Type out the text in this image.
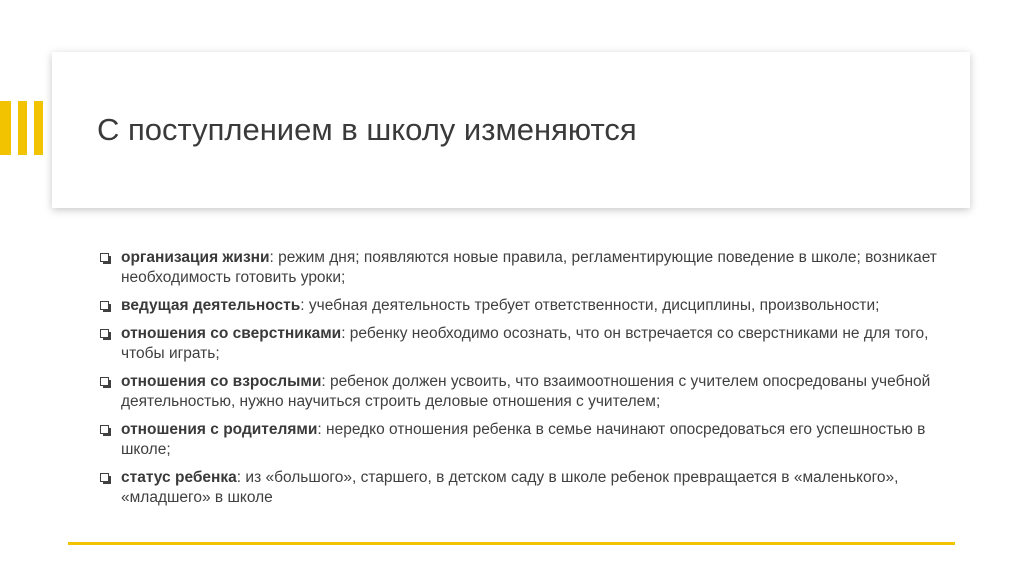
С поступлением в школу изменяются
организация жизни: режим дня; появляются новые правила, регламентирующие поведение в школе; возникает необходимость готовить уроки;
ведущая деятельность: учебная деятельность требует ответственности, дисциплины, произвольности;
отношения со сверстниками: ребенку необходимо осознать, что он встречается со сверстниками не для того, чтобы играть;
отношения со взрослыми: ребенок должен усвоить, что взаимоотношения с учителем опосредованы учебной деятельностью, нужно научиться строить деловые отношения с учителем;
отношения с родителями: нередко отношения ребенка в семье начинают опосредоваться его успешностью в школе;
статус ребенка: из «большого», старшего, в детском саду в школе ребенок превращается в «маленького», «младшего» в школе
